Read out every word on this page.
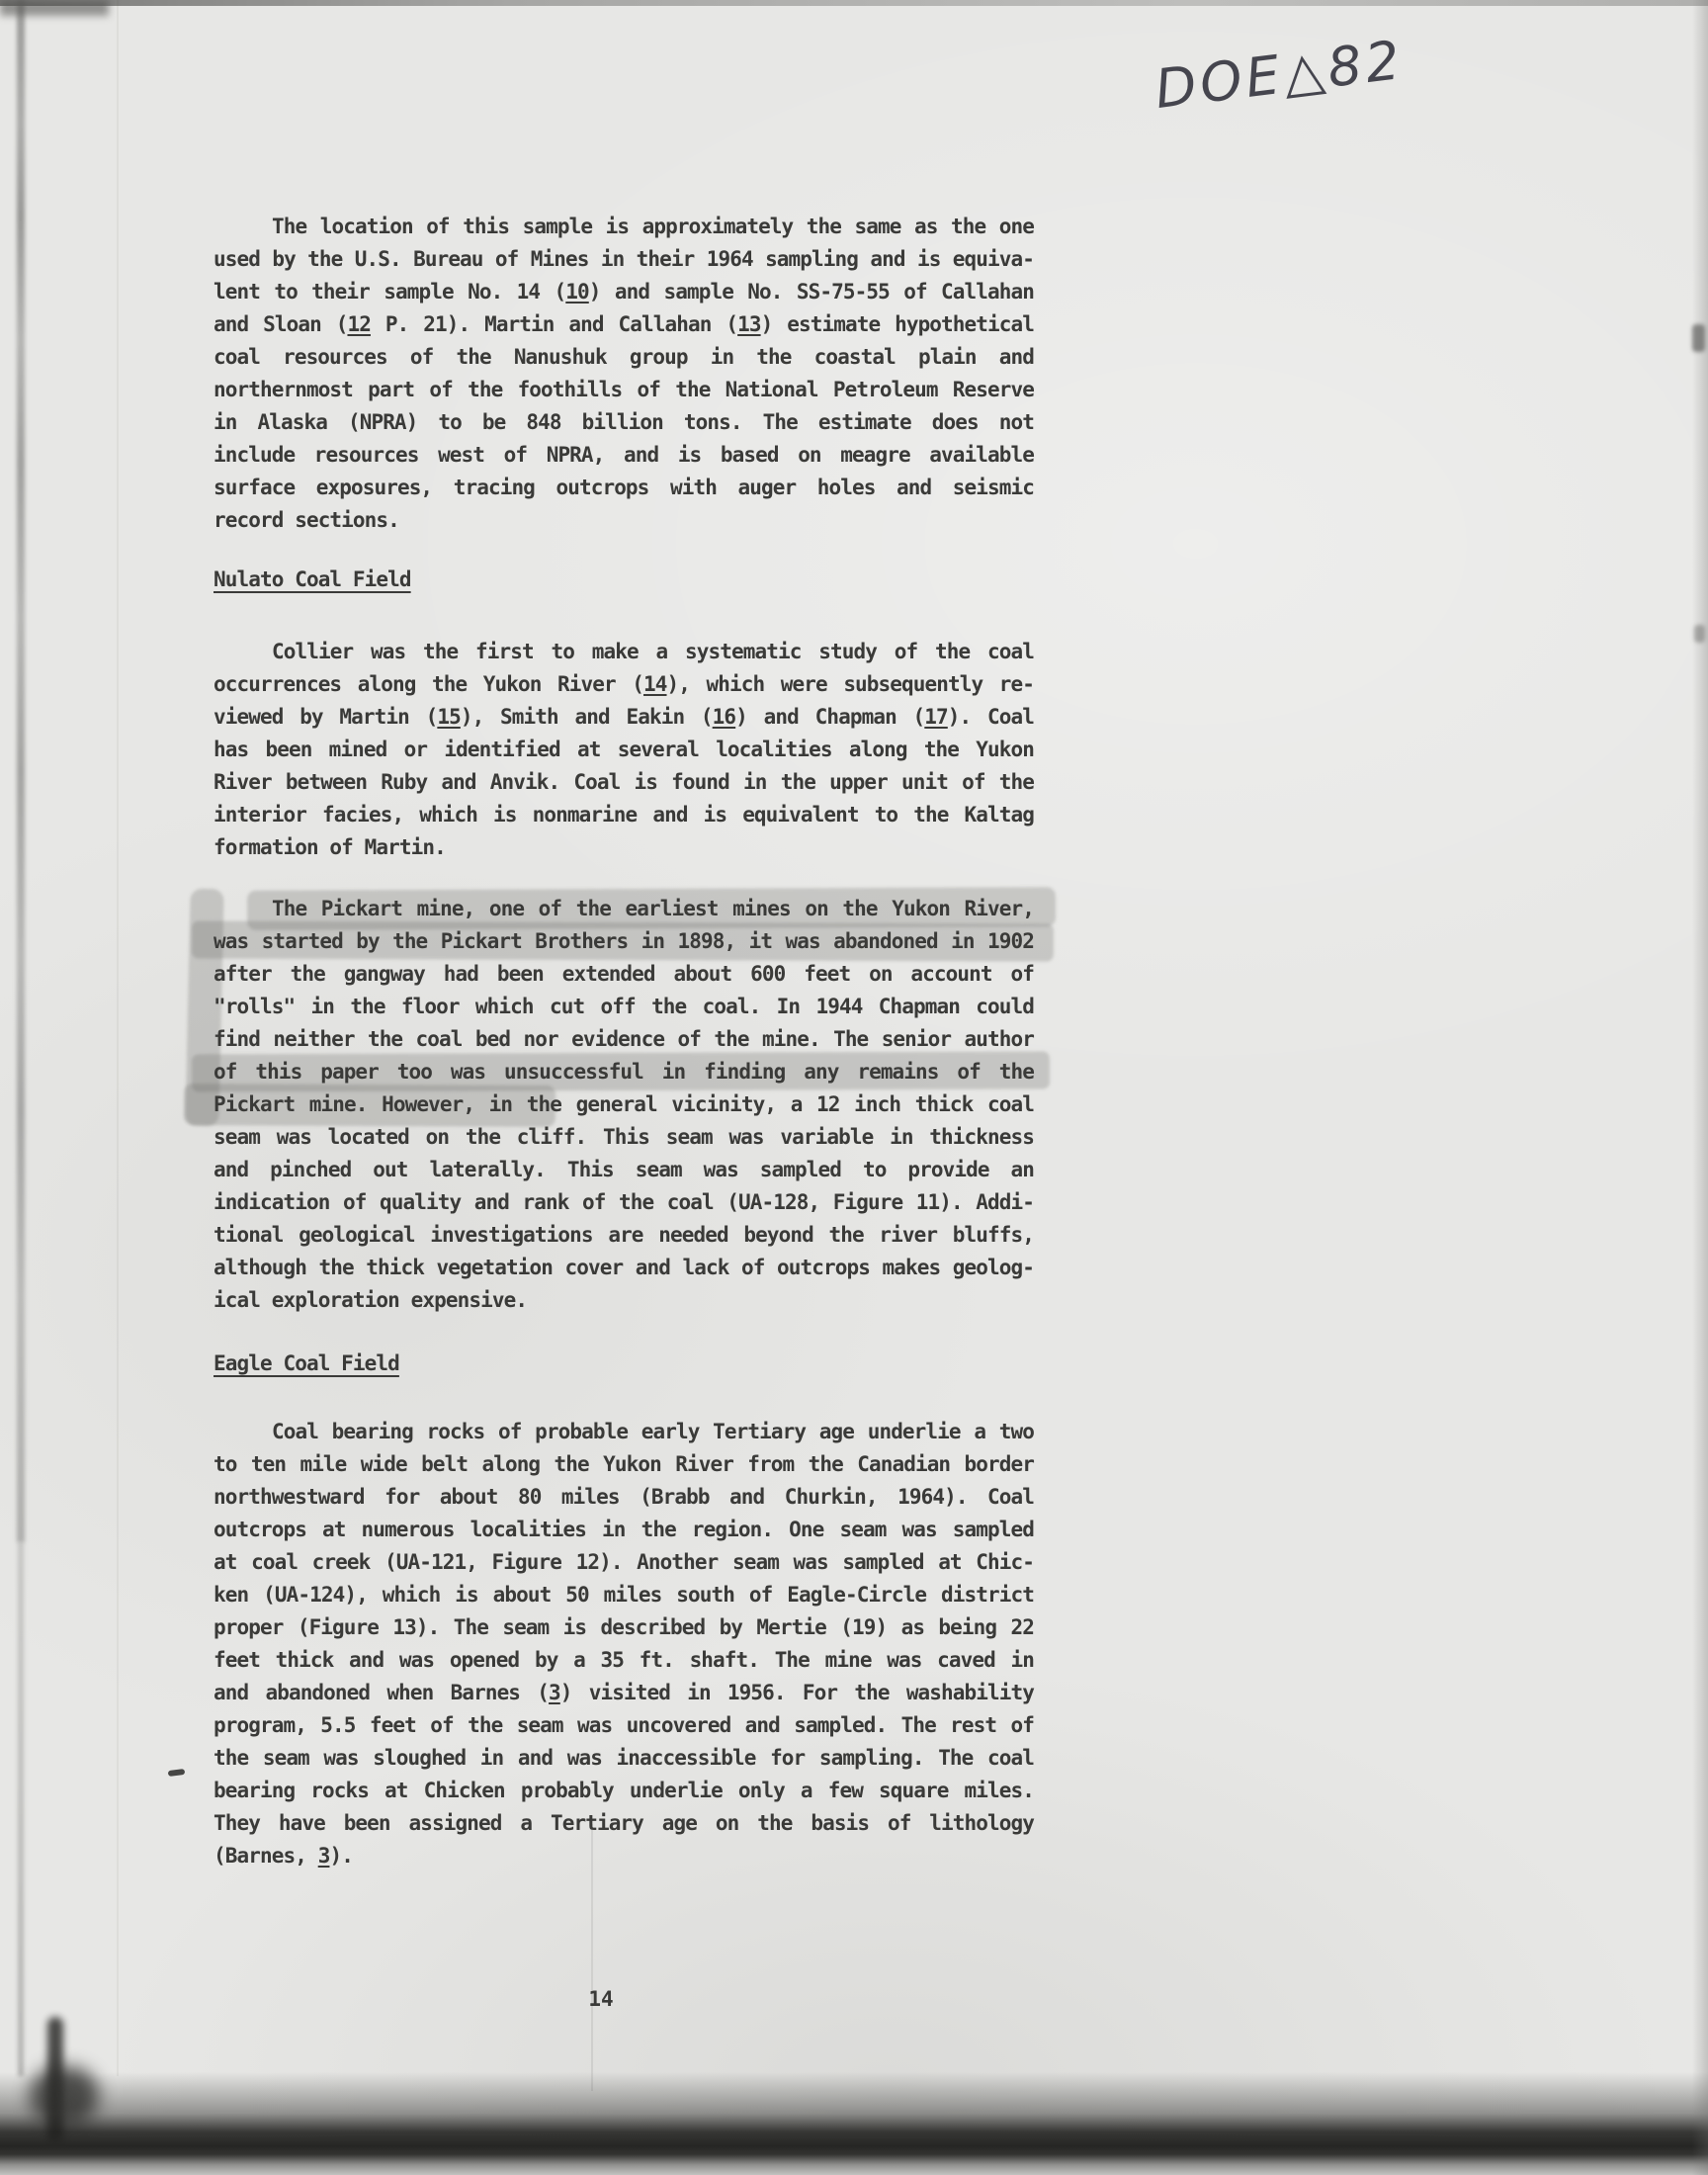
DOE△82
The location of this sample is approximately the same as the one
used by the U.S. Bureau of Mines in their 1964 sampling and is equiva-
lent to their sample No. 14 (10) and sample No. SS-75-55 of Callahan
and Sloan (12 P. 21). Martin and Callahan (13) estimate hypothetical
coal resources of the Nanushuk group in the coastal plain and
northernmost part of the foothills of the National Petroleum Reserve
in Alaska (NPRA) to be 848 billion tons. The estimate does not
include resources west of NPRA, and is based on meagre available
surface exposures, tracing outcrops with auger holes and seismic
record sections.
Nulato Coal Field
Collier was the first to make a systematic study of the coal
occurrences along the Yukon River (14), which were subsequently re-
viewed by Martin (15), Smith and Eakin (16) and Chapman (17). Coal
has been mined or identified at several localities along the Yukon
River between Ruby and Anvik. Coal is found in the upper unit of the
interior facies, which is nonmarine and is equivalent to the Kaltag
formation of Martin.
The Pickart mine, one of the earliest mines on the Yukon River,
was started by the Pickart Brothers in 1898, it was abandoned in 1902
after the gangway had been extended about 600 feet on account of
"rolls" in the floor which cut off the coal. In 1944 Chapman could
find neither the coal bed nor evidence of the mine. The senior author
of this paper too was unsuccessful in finding any remains of the
Pickart mine. However, in the general vicinity, a 12 inch thick coal
seam was located on the cliff. This seam was variable in thickness
and pinched out laterally. This seam was sampled to provide an
indication of quality and rank of the coal (UA-128, Figure 11). Addi-
tional geological investigations are needed beyond the river bluffs,
although the thick vegetation cover and lack of outcrops makes geolog-
ical exploration expensive.
Eagle Coal Field
Coal bearing rocks of probable early Tertiary age underlie a two
to ten mile wide belt along the Yukon River from the Canadian border
northwestward for about 80 miles (Brabb and Churkin, 1964). Coal
outcrops at numerous localities in the region. One seam was sampled
at coal creek (UA-121, Figure 12). Another seam was sampled at Chic-
ken (UA-124), which is about 50 miles south of Eagle-Circle district
proper (Figure 13). The seam is described by Mertie (19) as being 22
feet thick and was opened by a 35 ft. shaft. The mine was caved in
and abandoned when Barnes (3) visited in 1956. For the washability
program, 5.5 feet of the seam was uncovered and sampled. The rest of
the seam was sloughed in and was inaccessible for sampling. The coal
bearing rocks at Chicken probably underlie only a few square miles.
They have been assigned a Tertiary age on the basis of lithology
(Barnes, 3).
14
